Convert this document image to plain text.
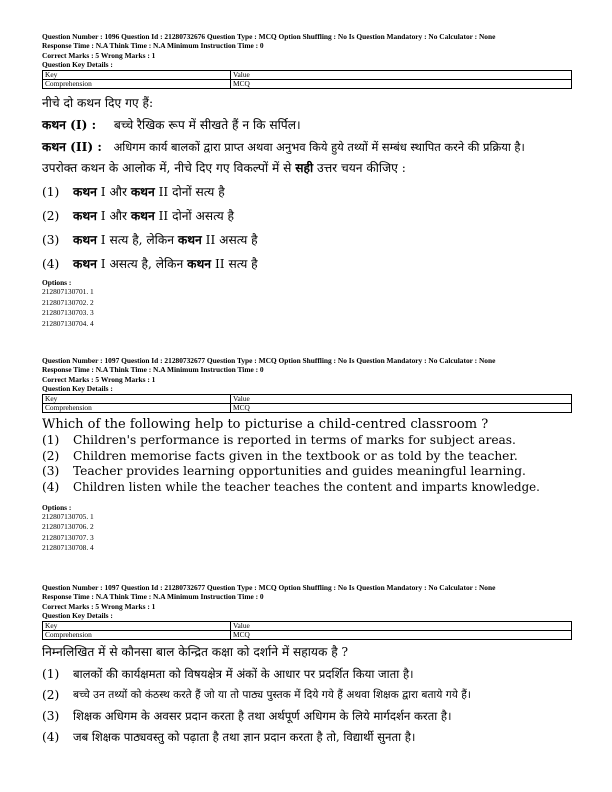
Question Number : 1096 Question Id : 21280732676 Question Type : MCQ Option Shuffling : No Is Question Mandatory : No Calculator : None
Response Time : N.A Think Time : N.A Minimum Instruction Time : 0
Correct Marks : 5 Wrong Marks : 1
Question Key Details :
Key	Value
Comprehension	MCQ
नीचे दो कथन दिए गए हैं:
कथन (I) : बच्चे रैखिक रूप में सीखते हैं न कि सर्पिल।
कथन (II) : अधिगम कार्य बालकों द्वारा प्राप्त अथवा अनुभव किये हुये तथ्यों में सम्बंध स्थापित करने की प्रक्रिया है।
उपरोक्त कथन के आलोक में, नीचे दिए गए विकल्पों में से सही उत्तर चयन कीजिए :
(1)	कथन I और कथन II दोनों सत्य है
(2)	कथन I और कथन II दोनों असत्य है
(3)	कथन I सत्य है, लेकिन कथन II असत्य है
(4)	कथन I असत्य है, लेकिन कथन II सत्य है
Options :
212807130701. 1
212807130702. 2
212807130703. 3
212807130704. 4
Question Number : 1097 Question Id : 21280732677 Question Type : MCQ Option Shuffling : No Is Question Mandatory : No Calculator : None
Response Time : N.A Think Time : N.A Minimum Instruction Time : 0
Correct Marks : 5 Wrong Marks : 1
Question Key Details :
Key	Value
Comprehension	MCQ
Which of the following help to picturise a child-centred classroom ?
(1)	Children's performance is reported in terms of marks for subject areas.
(2)	Children memorise facts given in the textbook or as told by the teacher.
(3)	Teacher provides learning opportunities and guides meaningful learning.
(4)	Children listen while the teacher teaches the content and imparts knowledge.
Options :
212807130705. 1
212807130706. 2
212807130707. 3
212807130708. 4
Question Number : 1097 Question Id : 21280732677 Question Type : MCQ Option Shuffling : No Is Question Mandatory : No Calculator : None
Response Time : N.A Think Time : N.A Minimum Instruction Time : 0
Correct Marks : 5 Wrong Marks : 1
Question Key Details :
Key	Value
Comprehension	MCQ
निम्नलिखित में से कौनसा बाल केन्द्रित कक्षा को दर्शाने में सहायक है ?
(1)	बालकों की कार्यक्षमता को विषयक्षेत्र में अंकों के आधार पर प्रदर्शित किया जाता है।
(2)	बच्चे उन तथ्यों को कंठस्थ करते हैं जो या तो पाठ्य पुस्तक में दिये गये हैं अथवा शिक्षक द्वारा बताये गये हैं।
(3)	शिक्षक अधिगम के अवसर प्रदान करता है तथा अर्थपूर्ण अधिगम के लिये मार्गदर्शन करता है।
(4)	जब शिक्षक पाठ्यवस्तु को पढ़ाता है तथा ज्ञान प्रदान करता है तो, विद्यार्थी सुनता है।
